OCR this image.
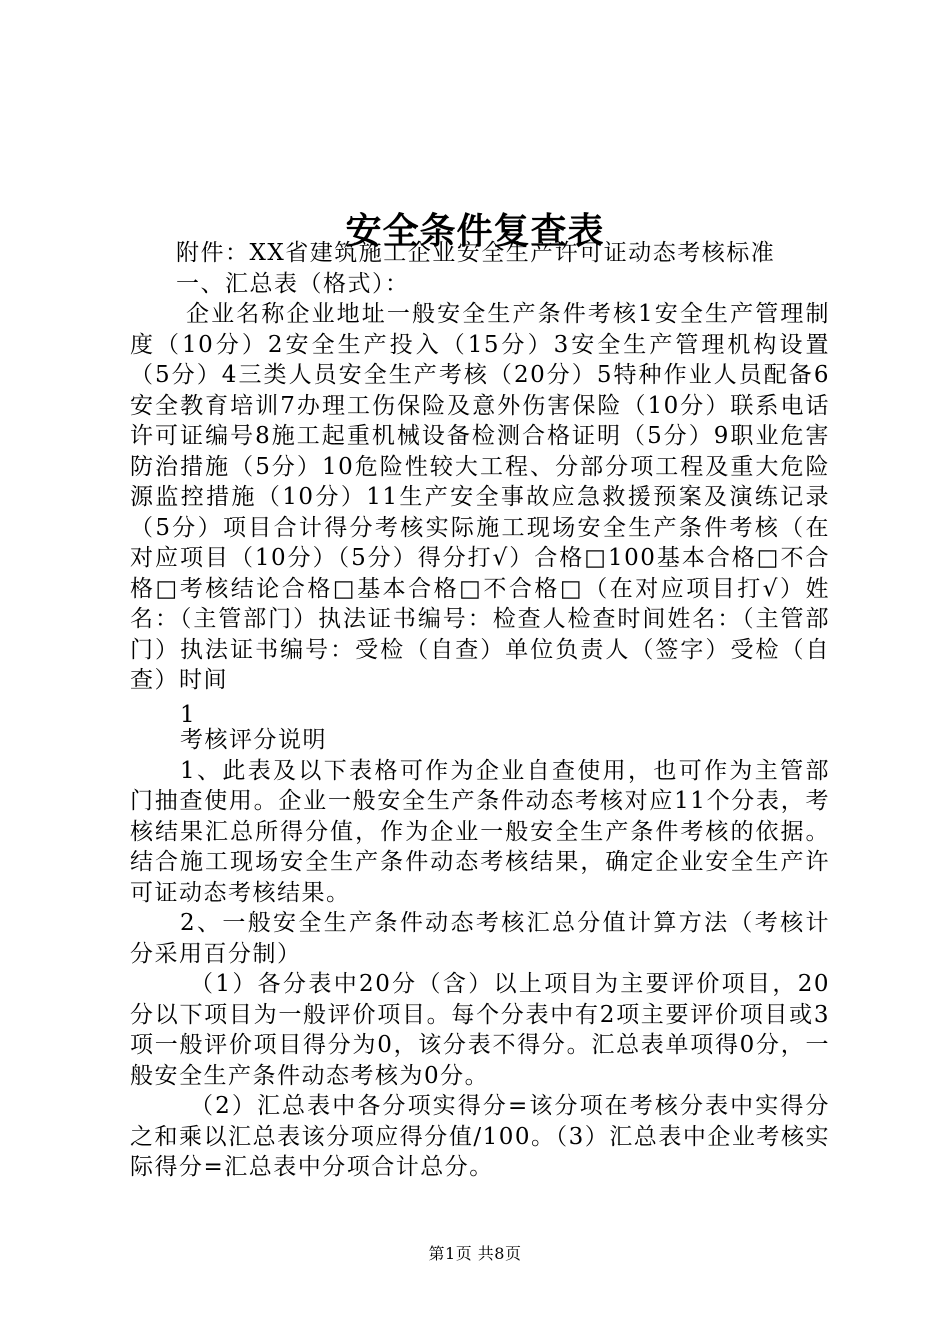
安全条件复查表

附件：XX省建筑施工企业安全生产许可证动态考核标准

一、汇总表（格式）：

企业名称企业地址一般安全生产条件考核1安全生产管理制度（10分）2安全生产投入（15分）3安全生产管理机构设置（5分）4三类人员安全生产考核（20分）5特种作业人员配备6安全教育培训7办理工伤保险及意外伤害保险（10分）联系电话许可证编号8施工起重机械设备检测合格证明（5分）9职业危害防治措施（5分）10危险性较大工程、分部分项工程及重大危险源监控措施（10分）11生产安全事故应急救援预案及演练记录（5分）项目合计得分考核实际施工现场安全生产条件考核（在对应项目（10分）（5分）得分打√）合格□100基本合格□不合格□考核结论合格□基本合格□不合格□（在对应项目打√）姓名：（主管部门）执法证书编号：检查人检查时间姓名：（主管部门）执法证书编号：受检（自查）单位负责人（签字）受检（自查）时间

1

考核评分说明

1、此表及以下表格可作为企业自查使用，也可作为主管部门抽查使用。企业一般安全生产条件动态考核对应11个分表，考核结果汇总所得分值，作为企业一般安全生产条件考核的依据。结合施工现场安全生产条件动态考核结果，确定企业安全生产许可证动态考核结果。

2、一般安全生产条件动态考核汇总分值计算方法（考核计分采用百分制）

（1）各分表中20分（含）以上项目为主要评价项目，20分以下项目为一般评价项目。每个分表中有2项主要评价项目或3项一般评价项目得分为0，该分表不得分。汇总表单项得0分，一般安全生产条件动态考核为0分。

（2）汇总表中各分项实得分=该分项在考核分表中实得分之和乘以汇总表该分项应得分值/100。（3）汇总表中企业考核实际得分=汇总表中分项合计总分。

第1页 共8页
